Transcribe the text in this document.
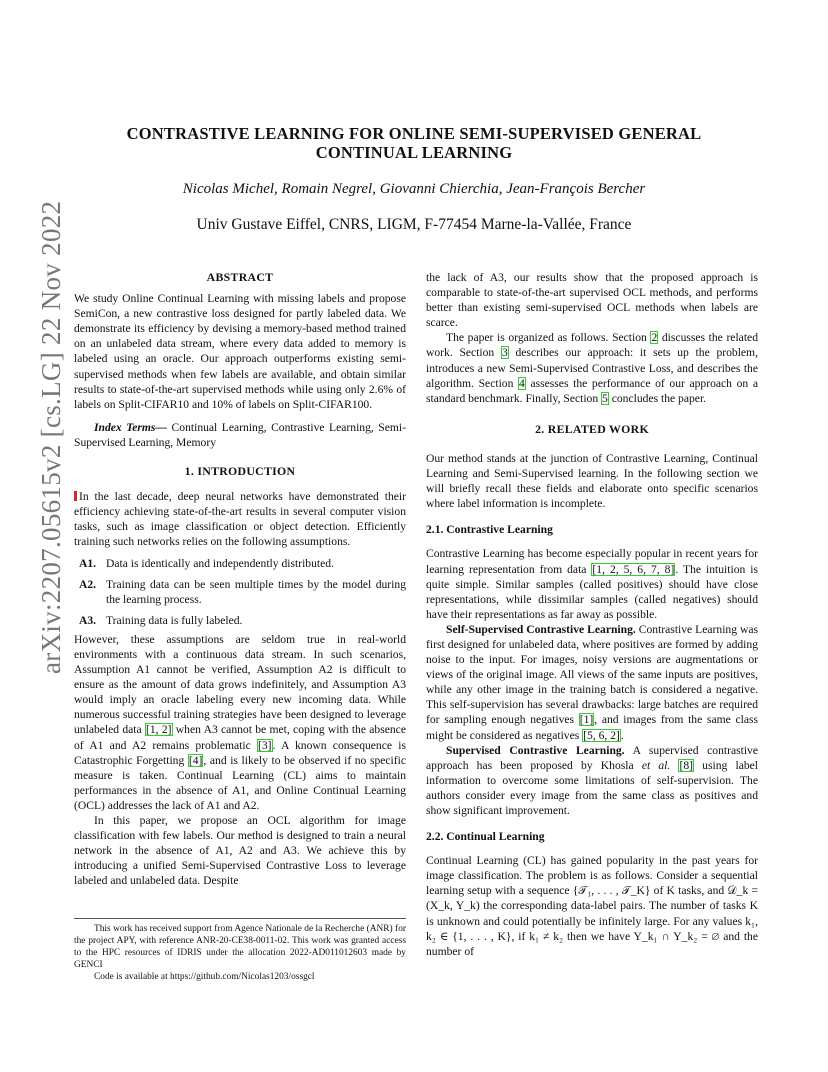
arXiv:2207.05615v2 [cs.LG] 22 Nov 2022
CONTRASTIVE LEARNING FOR ONLINE SEMI-SUPERVISED GENERAL
CONTINUAL LEARNING
Nicolas Michel, Romain Negrel, Giovanni Chierchia, Jean-François Bercher
Univ Gustave Eiffel, CNRS, LIGM, F-77454 Marne-la-Vallée, France
ABSTRACT

We study Online Continual Learning with missing labels and propose SemiCon, a new contrastive loss designed for partly labeled data. We demonstrate its efficiency by devising a memory-based method trained on an unlabeled data stream, where every data added to memory is labeled using an oracle. Our approach outperforms existing semi-supervised methods when few labels are available, and obtain similar results to state-of-the-art supervised methods while using only 2.6% of labels on Split-CIFAR10 and 10% of labels on Split-CIFAR100.

Index Terms— Continual Learning, Contrastive Learning, Semi-Supervised Learning, Memory

1. INTRODUCTION

In the last decade, deep neural networks have demonstrated their efficiency achieving state-of-the-art results in several computer vision tasks, such as image classification or object detection. Efficiently training such networks relies on the following assumptions.

A1. Data is identically and independently distributed.
A2. Training data can be seen multiple times by the model during the learning process.
A3. Training data is fully labeled.

However, these assumptions are seldom true in real-world environments with a continuous data stream. In such scenarios, Assumption A1 cannot be verified, Assumption A2 is difficult to ensure as the amount of data grows indefinitely, and Assumption A3 would imply an oracle labeling every new incoming data. While numerous successful training strategies have been designed to leverage unlabeled data [1, 2] when A3 cannot be met, coping with the absence of A1 and A2 remains problematic [3]. A known consequence is Catastrophic Forgetting [4], and is likely to be observed if no specific measure is taken. Continual Learning (CL) aims to maintain performances in the absence of A1, and Online Continual Learning (OCL) addresses the lack of A1 and A2.

In this paper, we propose an OCL algorithm for image classification with few labels. Our method is designed to train a neural network in the absence of A1, A2 and A3. We achieve this by introducing a unified Semi-Supervised Contrastive Loss to leverage labeled and unlabeled data. Despite

This work has received support from Agence Nationale de la Recherche (ANR) for the project APY, with reference ANR-20-CE38-0011-02. This work was granted access to the HPC resources of IDRIS under the allocation 2022-AD011012603 made by GENCI

Code is available at https://github.com/Nicolas1203/ossgcl

the lack of A3, our results show that the proposed approach is comparable to state-of-the-art supervised OCL methods, and performs better than existing semi-supervised OCL methods when labels are scarce.

The paper is organized as follows. Section 2 discusses the related work. Section 3 describes our approach: it sets up the problem, introduces a new Semi-Supervised Contrastive Loss, and describes the algorithm. Section 4 assesses the performance of our approach on a standard benchmark. Finally, Section 5 concludes the paper.

2. RELATED WORK

Our method stands at the junction of Contrastive Learning, Continual Learning and Semi-Supervised learning. In the following section we will briefly recall these fields and elaborate onto specific scenarios where label information is incomplete.

2.1. Contrastive Learning

Contrastive Learning has become especially popular in recent years for learning representation from data [1, 2, 5, 6, 7, 8]. The intuition is quite simple. Similar samples (called positives) should have close representations, while dissimilar samples (called negatives) should have their representations as far away as possible.

Self-Supervised Contrastive Learning. Contrastive Learning was first designed for unlabeled data, where positives are formed by adding noise to the input. For images, noisy versions are augmentations or views of the original image. All views of the same inputs are positives, while any other image in the training batch is considered a negative. This self-supervision has several drawbacks: large batches are required for sampling enough negatives [1], and images from the same class might be considered as negatives [5, 6, 2].

Supervised Contrastive Learning. A supervised contrastive approach has been proposed by Khosla et al. [8] using label information to overcome some limitations of self-supervision. The authors consider every image from the same class as positives and show significant improvement.

2.2. Continual Learning

Continual Learning (CL) has gained popularity in the past years for image classification. The problem is as follows. Consider a sequential learning setup with a sequence {𝒯₁, . . . , 𝒯_K} of K tasks, and 𝒟_k = (X_k, Y_k) the corresponding data-label pairs. The number of tasks K is unknown and could potentially be infinitely large. For any values k₁, k₂ ∈ {1, . . . , K}, if k₁ ≠ k₂ then we have Y_k₁ ∩ Y_k₂ = ∅ and the number of
